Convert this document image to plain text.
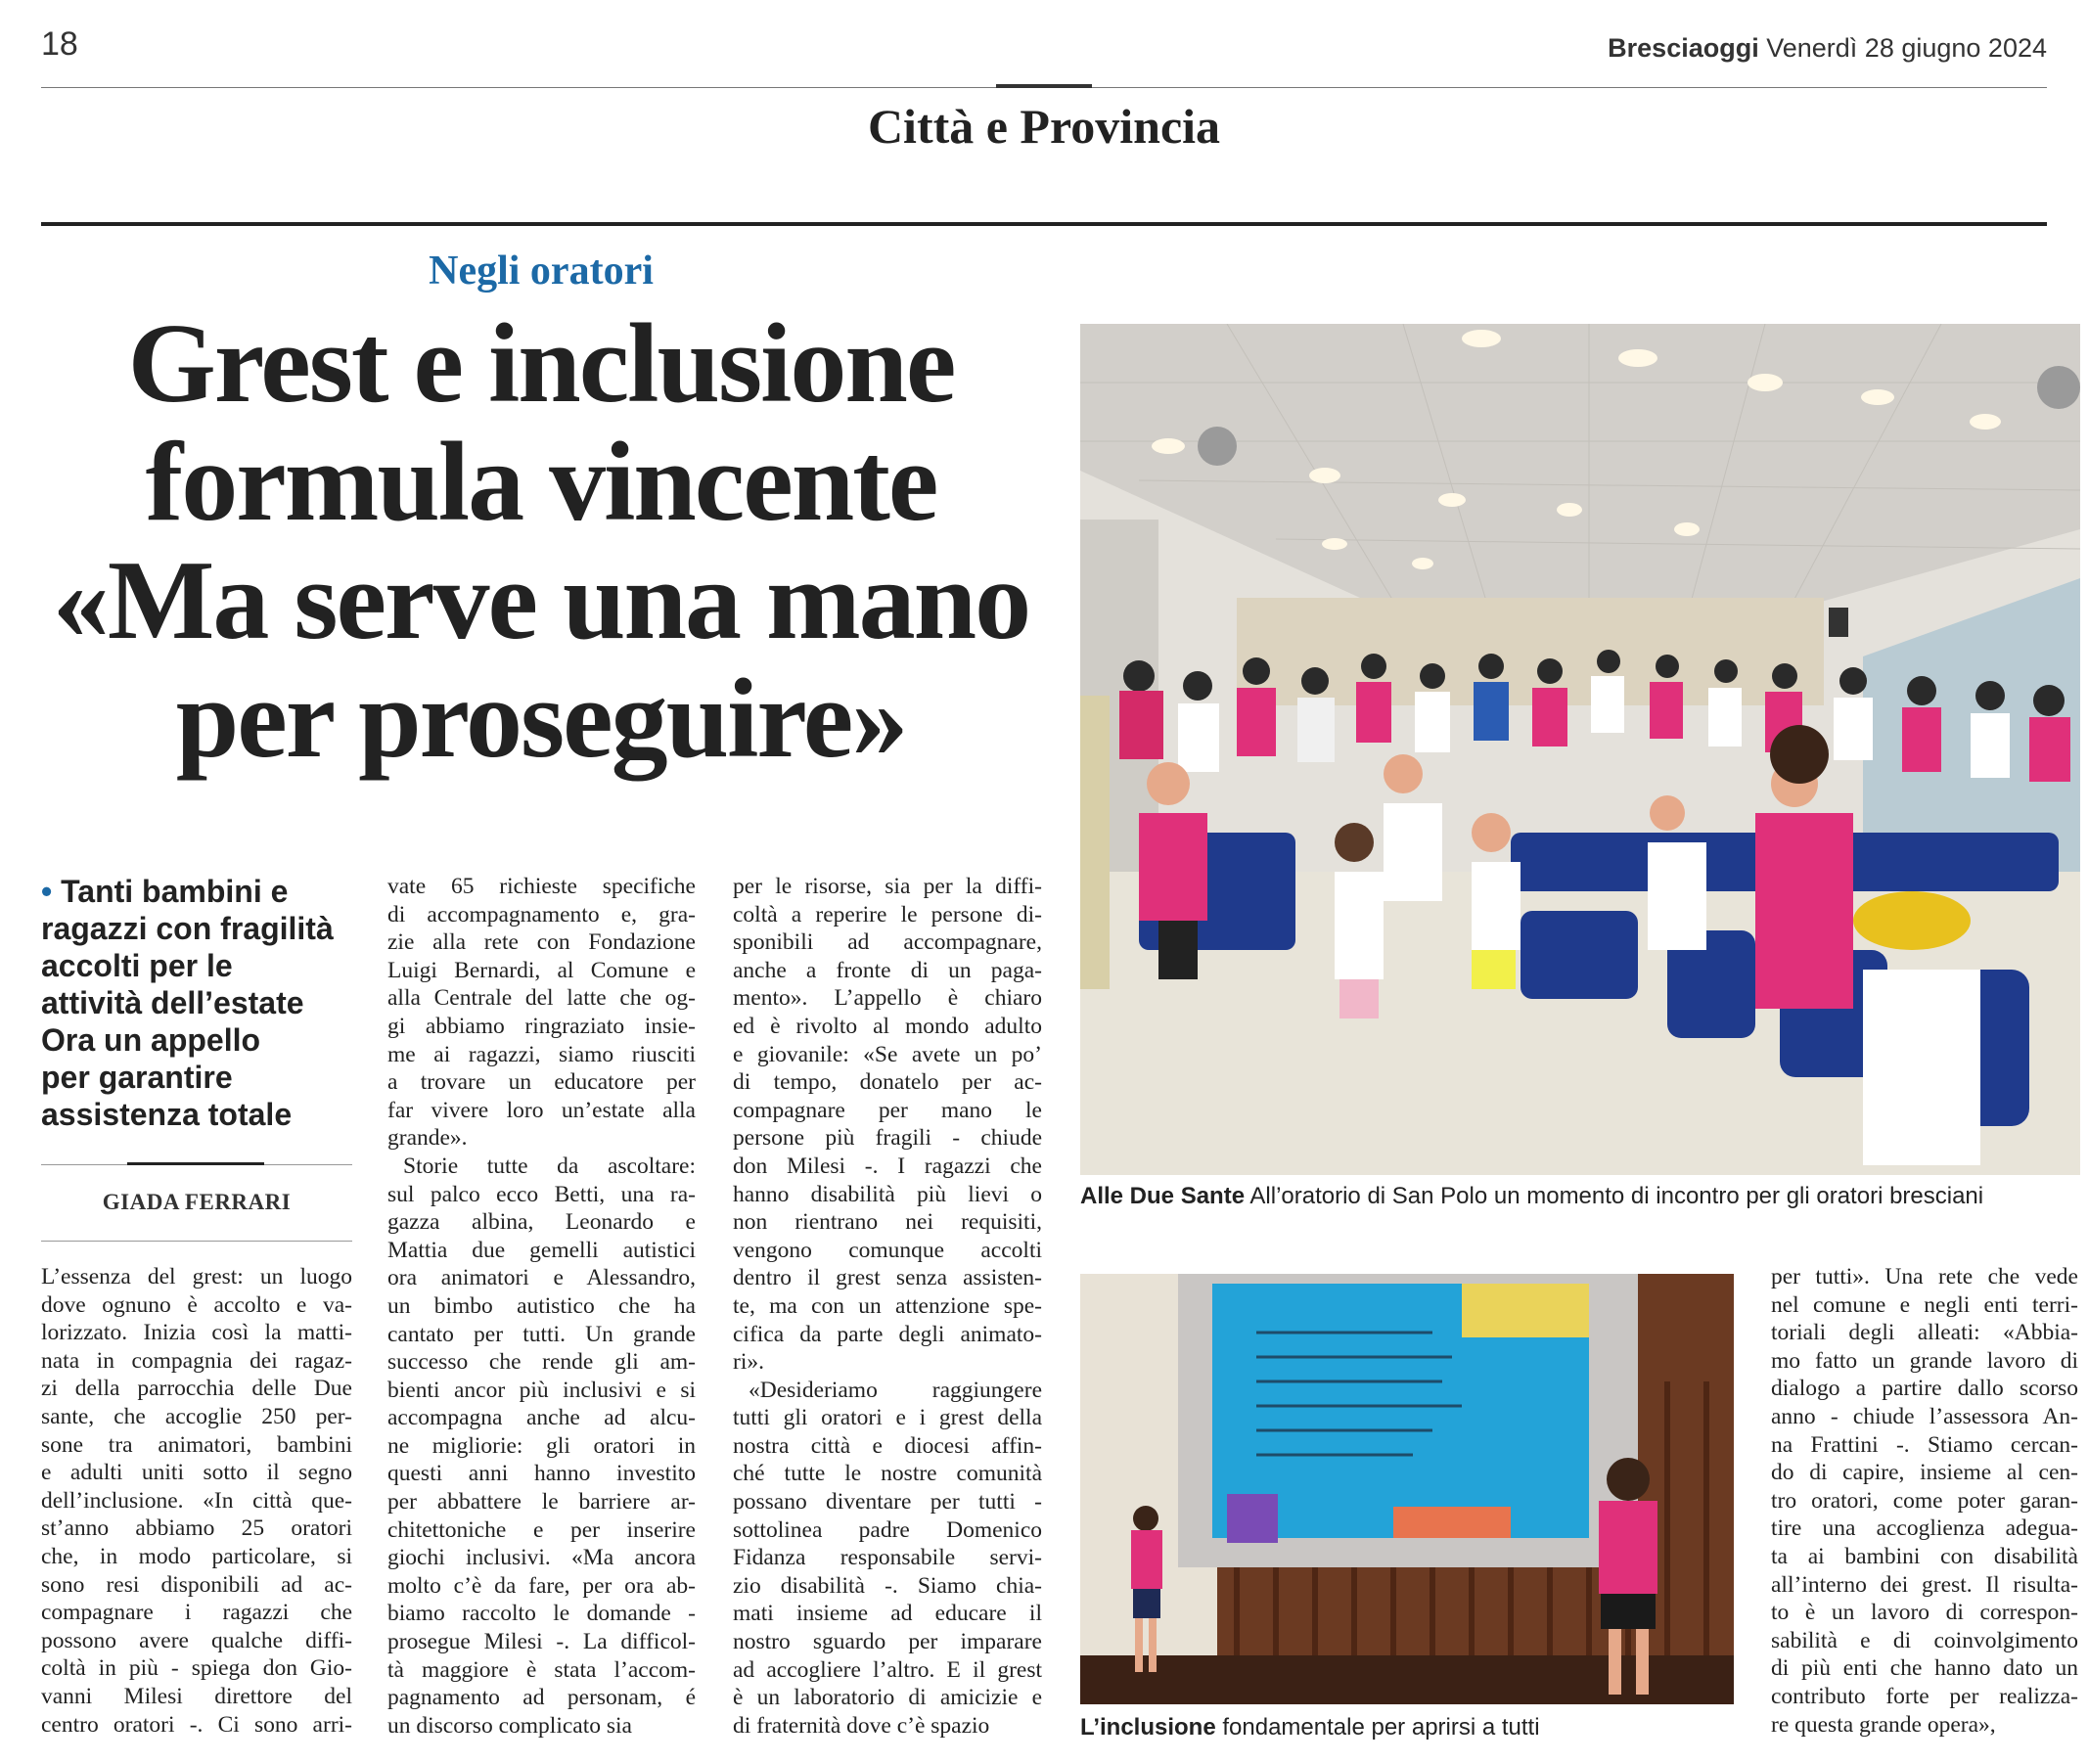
18	Bresciaoggi Venerdì 28 giugno 2024
Città e Provincia
Negli oratori
Grest e inclusione
formula vincente
«Ma serve una mano
per proseguire»
• Tanti bambini e
ragazzi con fragilità
accolti per le
attività dell’estate
Ora un appello
per garantire
assistenza totale
GIADA FERRARI
L’essenza del grest: un luogo
dove ognuno è accolto e va-
lorizzato. Inizia così la matti-
nata in compagnia dei ragaz-
zi della parrocchia delle Due
sante, che accoglie 250 per-
sone tra animatori, bambini
e adulti uniti sotto il segno
dell’inclusione. «In città que-
st’anno abbiamo 25 oratori
che, in modo particolare, si
sono resi disponibili ad ac-
compagnare i ragazzi che
possono avere qualche diffi-
coltà in più - spiega don Gio-
vanni Milesi direttore del
centro oratori -. Ci sono arri-
vate 65 richieste specifiche
di accompagnamento e, gra-
zie alla rete con Fondazione
Luigi Bernardi, al Comune e
alla Centrale del latte che og-
gi abbiamo ringraziato insie-
me ai ragazzi, siamo riusciti
a trovare un educatore per
far vivere loro un’estate alla
grande».
Storie tutte da ascoltare:
sul palco ecco Betti, una ra-
gazza albina, Leonardo e
Mattia due gemelli autistici
ora animatori e Alessandro,
un bimbo autistico che ha
cantato per tutti. Un grande
successo che rende gli am-
bienti ancor più inclusivi e si
accompagna anche ad alcu-
ne migliorie: gli oratori in
questi anni hanno investito
per abbattere le barriere ar-
chitettoniche e per inserire
giochi inclusivi. «Ma ancora
molto c’è da fare, per ora ab-
biamo raccolto le domande -
prosegue Milesi -. La difficol-
tà maggiore è stata l’accom-
pagnamento ad personam, é
un discorso complicato sia
per le risorse, sia per la diffi-
coltà a reperire le persone di-
sponibili ad accompagnare,
anche a fronte di un paga-
mento». L’appello è chiaro
ed è rivolto al mondo adulto
e giovanile: «Se avete un po’
di tempo, donatelo per ac-
compagnare per mano le
persone più fragili - chiude
don Milesi -. I ragazzi che
hanno disabilità più lievi o
non rientrano nei requisiti,
vengono comunque accolti
dentro il grest senza assisten-
te, ma con un attenzione spe-
cifica da parte degli animato-
ri».
«Desideriamo raggiungere
tutti gli oratori e i grest della
nostra città e diocesi affin-
ché tutte le nostre comunità
possano diventare per tutti -
sottolinea padre Domenico
Fidanza responsabile servi-
zio disabilità -. Siamo chia-
mati insieme ad educare il
nostro sguardo per imparare
ad accogliere l’altro. E il grest
è un laboratorio di amicizie e
di fraternità dove c’è spazio
per tutti». Una rete che vede
nel comune e negli enti terri-
toriali degli alleati: «Abbia-
mo fatto un grande lavoro di
dialogo a partire dallo scorso
anno - chiude l’assessora An-
na Frattini -. Stiamo cercan-
do di capire, insieme al cen-
tro oratori, come poter garan-
tire una accoglienza adegua-
ta ai bambini con disabilità
all’interno dei grest. Il risulta-
to è un lavoro di correspon-
sabilità e di coinvolgimento
di più enti che hanno dato un
contributo forte per realizza-
re questa grande opera»,
Alle Due Sante All’oratorio di San Polo un momento di incontro per gli oratori bresciani
L’inclusione fondamentale per aprirsi a tutti
